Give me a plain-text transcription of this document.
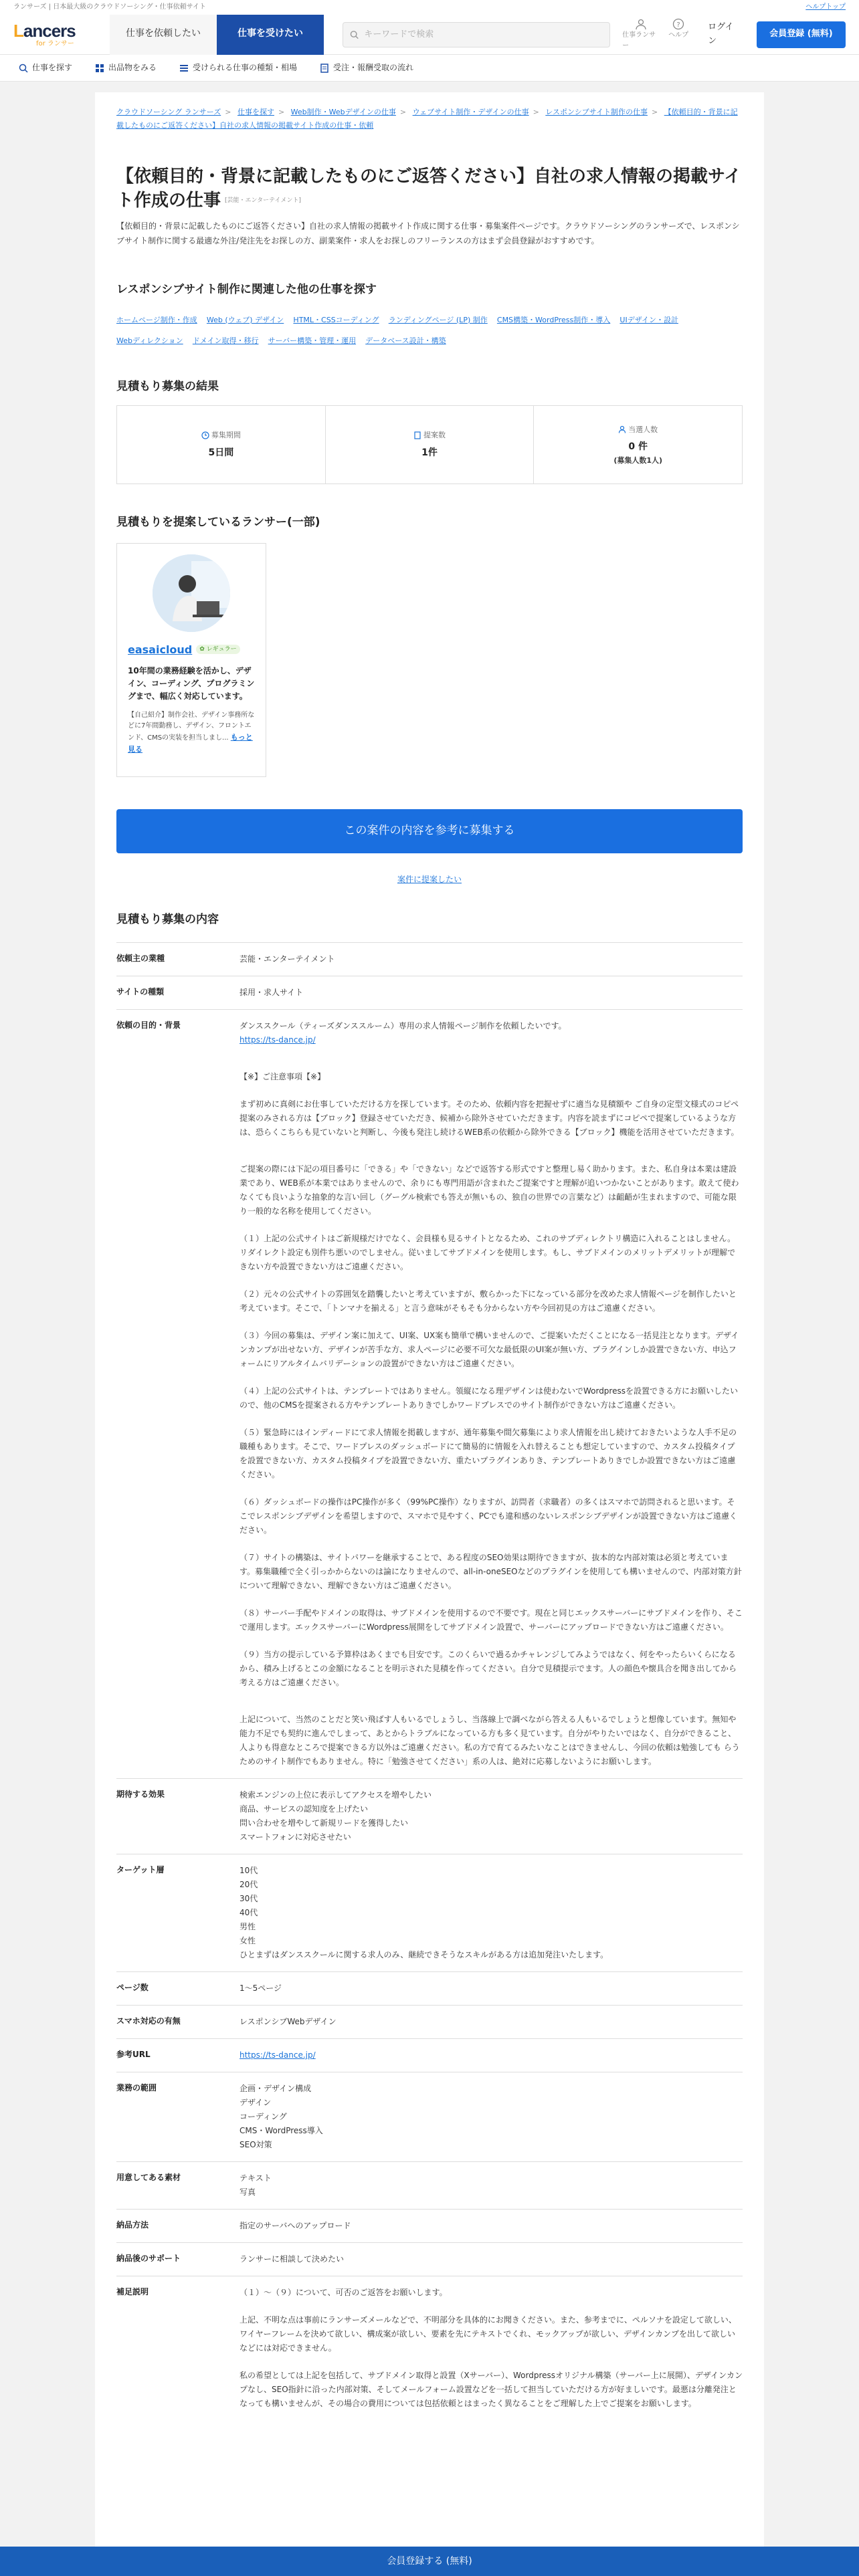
ランサーズ | 日本最大級のクラウドソーシング・仕事依頼サイト	ヘルプトップ
Lancers
for ランサー
仕事を依頼したい	仕事を受けたい
キーワードで検索	仕事ランサー
?
ヘルプ
ログイン
会員登録 (無料)
仕事を探す	出品物をみる	受けられる仕事の種類・相場	受注・報酬受取の流れ
クラウドソーシング ランサーズ > 仕事を探す > Web制作・Webデザインの仕事 > ウェブサイト制作・デザインの仕事 > レスポンシブサイト制作の仕事 > 【依頼目的・背景に記載したものにご返答ください】自社の求人情報の掲載サイト作成の仕事・依頼
【依頼目的・背景に記載したものにご返答ください】自社の求人情報の掲載サイト作成の仕事 [芸能・エンターテイメント]

【依頼目的・背景に記載したものにご返答ください】自社の求人情報の掲載サイト作成に関する仕事・募集案件ページです。クラウドソーシングのランサーズで、レスポンシブサイト制作に関する最適な外注/発注先をお探しの方、副業案件・求人をお探しのフリーランスの方はまず会員登録がおすすめです。

レスポンシブサイト制作に関連した他の仕事を探す
ホームページ制作・作成 Web (ウェブ) デザイン HTML・CSSコーディング ランディングページ (LP) 制作 CMS構築・WordPress制作・導入 UIデザイン・設計 Webディレクション ドメイン取得・移行 サーバー構築・管理・運用 データベース設計・構築
見積もり募集の結果
募集期間
5日間
提案数
1件
当選人数
0 件
(募集人数1人)
見積もりを提案しているランサー(一部)
easaicloud	✿ レギュラー
10年間の業務経験を活かし、デザイン、コーディング、プログラミングまで、幅広く対応しています。
【自己紹介】制作会社、デザイン事務所などに7年間勤務し、デザイン、フロントエンド、CMSの実装を担当しまし... もっと見る
この案件の内容を参考に募集する
案件に提案したい
見積もり募集の内容
依頼主の業種	芸能・エンターテイメント
サイトの種類	採用・求人サイト
依頼の目的・背景	ダンススクール（ティーズダンススルーム）専用の求人情報ページ制作を依頼したいです。
https://ts-dance.jp/

【※】ご注意事項【※】

まず初めに真剣にお仕事していただける方を探しています。そのため、依頼内容を把握せずに適当な見積額や ご自身の定型文様式のコピペ提案のみされる方は【ブロック】登録させていただき、候補から除外させていただきます。内容を読まずにコピペで提案しているような方は、恐らくこちらも見ていないと判断し、今後も発注し続けるWEB系の依頼から除外できる【ブロック】機能を活用させていただきます。

ご提案の際には下記の項目番号に「できる」や「できない」などで返答する形式ですと整理し易く助かります。また、私自身は本業は建設業であり、WEB系が本業ではありませんので、余りにも専門用語が含まれたご提案ですと理解が追いつかないことがあります。敢えて使わなくても良いような抽象的な言い回し（グーグル検索でも答えが無いもの、独自の世界での言葉など）は齟齬が生まれますので、可能な限り一般的な名称を使用してください。

（１）上記の公式サイトはご新規様だけでなく、会員様も見るサイトとなるため、これのサブディレクトリ構造に入れることはしません。リダイレクト設定も別件ち悪いのでしません。従いましてサブドメインを使用します。もし、サブドメインのメリットデメリットが理解できない方や設置できない方はご遠慮ください。

（２）元々の公式サイトの雰囲気を踏襲したいと考えていますが、敷らかった下になっている部分を改めた求人情報ページを制作したいと考えています。そこで、「トンマナを揃える」と言う意味がそもそも分からない方や今回初見の方はご遠慮ください。

（３）今回の募集は、デザイン案に加えて、UI案、UX案も簡単で構いませんので、ご提案いただくことになる一括見注となります。デザインカンプが出せない方、デザインが苦手な方、求人ページに必要不可欠な最低限のUI案が無い方、プラグインしか設置できない方、申込フォームにリアルタイムバリデーションの設置ができない方はご遠慮ください。

（４）上記の公式サイトは、テンプレートではありません。領縦になる理デザインは使わないでWordpressを設置できる方にお願いしたいので、他のCMSを提案される方やテンプレートありきでしかワードプレスでのサイト制作ができない方はご遠慮ください。

（５）緊急時にはインディードにて求人情報を掲載しますが、通年募集や間欠募集により求人情報を出し続けておきたいような人手不足の職種もあります。そこで、ワードプレスのダッシュボードにて簡易的に情報を入れ替えることも想定していますので、カスタム投稿タイプを設置できない方、カスタム投稿タイプを設置できない方、重たいプラグインありき、テンプレートありきでしか設置できない方はご遠慮ください。

（６）ダッシュボードの操作はPC操作が多く（99%PC操作）なりますが、訪問者（求職者）の多くはスマホで訪問されると思います。そこでレスポンシブデザインを希望しますので、スマホで見やすく、PCでも違和感のないレスポンシブデザインが設置できない方はご遠慮ください。

（７）サイトの構築は、サイトパワーを継承することで、ある程度のSEO効果は期待できますが、抜本的な内部対策は必須と考えています。募集職種で全く引っかからないのは論になりませんので、all-in-oneSEOなどのプラグインを使用しても構いませんので、内部対策方針について理解できない、理解できない方はご遠慮ください。

（８）サーバー手配やドメインの取得は、サブドメインを使用するので不要です。現在と同じエックスサーバーにサブドメインを作り、そこで運用します。エックスサーバーにWordpress展開をしてサブドメイン設置で、サーバーにアップロードできない方はご遠慮ください。

（９）当方の提示している予算枠はあくまでも目安です。このくらいで過るかチャレンジしてみようではなく、何をやったらいくらになるから、積み上げるとこの金額になることを明示された見積を作ってください。自分で見積提示でます。人の顔色や懐具合を聞き出してから考える方はご遠慮ください。

上記について、当然のことだと笑い飛ばす人もいるでしょうし、当落線上で調べながら答える人もいるでしょうと想像しています。無知や能力不足でも契約に進んでしまって、あとからトラブルになっている方も多く見ています。自分がやりたいではなく、自分ができること、人よりも得意なところで提案できる方以外はご遠慮ください。私の方で育てるみたいなことはできませんし、今回の依頼は勉強しても らうためのサイト制作でもありません。特に「勉強させてください」系の人は、絶対に応募しないようにお願いします。

期待する効果	検索エンジンの上位に表示してアクセスを増やしたい
商品、サービスの認知度を上げたい
問い合わせを増やして新規リードを獲得したい
スマートフォンに対応させたい
ターゲット層	10代
20代
30代
40代
男性
女性
ひとまずはダンススクールに関する求人のみ、継続できそうなスキルがある方は追加発注いたします。
ページ数	1～5ページ
スマホ対応の有無	レスポンシブWebデザイン
参考URL	https://ts-dance.jp/
業務の範囲	企画・デザイン構成
デザイン
コーディング
CMS・WordPress導入
SEO対策
用意してある素材	テキスト
写真
納品方法	指定のサーバへのアップロード
納品後のサポート	ランサーに相談して決めたい
補足説明	（１）～（９）について、可否のご返答をお願いします。

上記、不明な点は事前にランサーズメールなどで、不明部分を具体的にお聞きください。また、参考までに、ペルソナを設定して欲しい、ワイヤーフレームを決めて欲しい、構成案が欲しい、要素を先にテキストでくれ、モックアップが欲しい、デザインカンプを出して欲しいなどには対応できません。

私の希望としては上記を包括して、サブドメイン取得と設置（Xサーバー）、Wordpressオリジナル構築（サーバー上に展開）、デザインカンプなし、SEO指針に沿った内部対策、そしてメールフォーム設置などを一括して担当していただける方が好ましいです。最悪は分離発注となっても構いませんが、その場合の費用については包括依頼とはまったく異なることをご理解した上でご提案をお願いします。

会員登録する (無料)
